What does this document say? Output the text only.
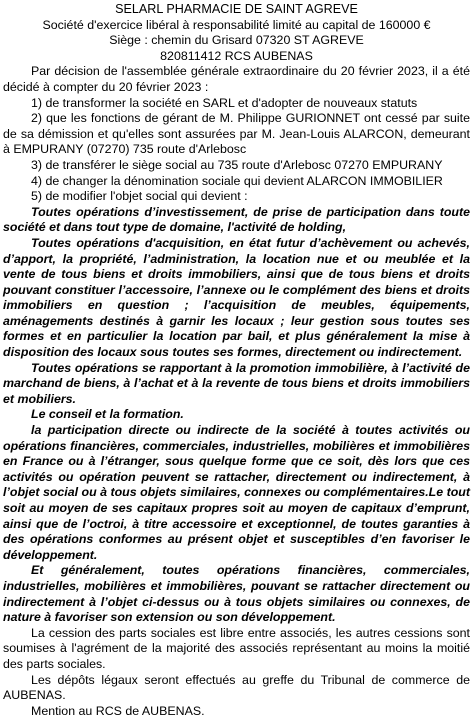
SELARL PHARMACIE DE SAINT AGREVE
Société d'exercice libéral à responsabilité limité au capital de 160000 €
Siège : chemin du Grisard 07320 ST AGREVE
820811412 RCS AUBENAS

Par décision de l'assemblée générale extraordinaire du 20 février 2023, il a été décidé à compter du 20 février 2023 :

1) de transformer la société en SARL et d'adopter de nouveaux statuts

2) que les fonctions de gérant de M. Philippe GURIONNET ont cessé par suite de sa démission et qu'elles sont assurées par M. Jean-Louis ALARCON, demeurant à EMPURANY (07270) 735 route d'Arlebosc

3) de transférer le siège social au 735 route d'Arlebosc 07270 EMPURANY

4) de changer la dénomination sociale qui devient ALARCON IMMOBILIER

5) de modifier l'objet social qui devient :

Toutes opérations d’investissement, de prise de participation dans toute société et dans tout type de domaine, l'activité de holding,

Toutes opérations d'acquisition, en état futur d’achèvement ou achevés, d’apport, la propriété, l’administration, la location nue et ou meublée et la vente de tous biens et droits immobiliers, ainsi que de tous biens et droits pouvant constituer l’accessoire, l’annexe ou le complément des biens et droits immobiliers en question ; l’acquisition de meubles, équipements, aménagements destinés à garnir les locaux ; leur gestion sous toutes ses formes et en particulier la location par bail, et plus généralement la mise à disposition des locaux sous toutes ses formes, directement ou indirectement.

Toutes opérations se rapportant à la promotion immobilière, à l’activité de marchand de biens, à l’achat et à la revente de tous biens et droits immobiliers et mobiliers.

Le conseil et la formation.

la participation directe ou indirecte de la société à toutes activités ou opérations financières, commerciales, industrielles, mobilières et immobilières en France ou à l’étranger, sous quelque forme que ce soit, dès lors que ces activités ou opération peuvent se rattacher, directement ou indirectement, à l’objet social ou à tous objets similaires, connexes ou complémentaires.Le tout soit au moyen de ses capitaux propres soit au moyen de capitaux d’emprunt, ainsi que de l’octroi, à titre accessoire et exceptionnel, de toutes garanties à des opérations conformes au présent objet et susceptibles d’en favoriser le développement.

Et généralement, toutes opérations financières, commerciales, industrielles, mobilières et immobilières, pouvant se rattacher directement ou indirectement à l’objet ci-dessus ou à tous objets similaires ou connexes, de nature à favoriser son extension ou son développement.

La cession des parts sociales est libre entre associés, les autres cessions sont soumises à l'agrément de la majorité des associés représentant au moins la moitié des parts sociales.

Les dépôts légaux seront effectués au greffe du Tribunal de commerce de AUBENAS.

Mention au RCS de AUBENAS.
